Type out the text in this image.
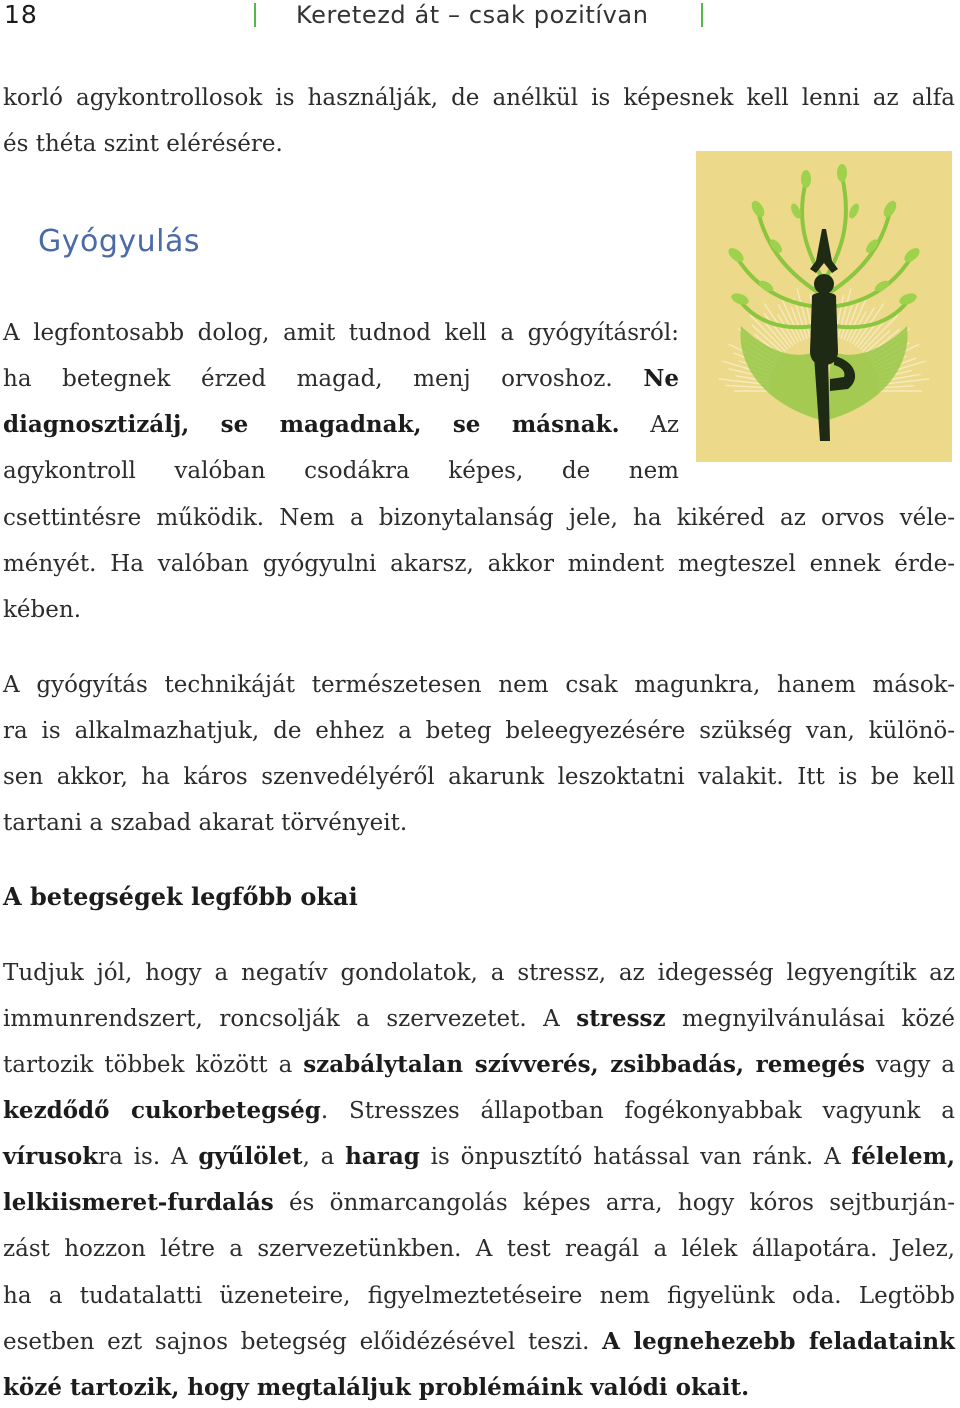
18	Keretezd át – csak pozitívan
korló agykontrollosok is használják, de anélkül is képesnek kell lenni az alfa
és théta szint elérésére.
Gyógyulás
A legfontosabb dolog, amit tudnod kell a gyógyításról:
ha betegnek érzed magad, menj orvoshoz. Ne
diagnosztizálj, se magadnak, se másnak. Az
agykontroll valóban csodákra képes, de nem
csettintésre működik. Nem a bizonytalanság jele, ha kikéred az orvos véle-
ményét. Ha valóban gyógyulni akarsz, akkor mindent megteszel ennek érde-
kében.
A gyógyítás technikáját természetesen nem csak magunkra, hanem mások-
ra is alkalmazhatjuk, de ehhez a beteg beleegyezésére szükség van, különö-
sen akkor, ha káros szenvedélyéről akarunk leszoktatni valakit. Itt is be kell
tartani a szabad akarat törvényeit.
A betegségek legfőbb okai
Tudjuk jól, hogy a negatív gondolatok, a stressz, az idegesség legyengítik az
immunrendszert, roncsolják a szervezetet. A stressz megnyilvánulásai közé
tartozik többek között a szabálytalan szívverés, zsibbadás, remegés vagy a
kezdődő cukorbetegség. Stresszes állapotban fogékonyabbak vagyunk a
vírusokra is. A gyűlölet, a harag is önpusztító hatással van ránk. A félelem,
lelkiismeret-furdalás és önmarcangolás képes arra, hogy kóros sejtburján-
zást hozzon létre a szervezetünkben. A test reagál a lélek állapotára. Jelez,
ha a tudatalatti üzeneteire, figyelmeztetéseire nem figyelünk oda. Legtöbb
esetben ezt sajnos betegség előidézésével teszi. A legnehezebb feladataink
közé tartozik, hogy megtaláljuk problémáink valódi okait.
